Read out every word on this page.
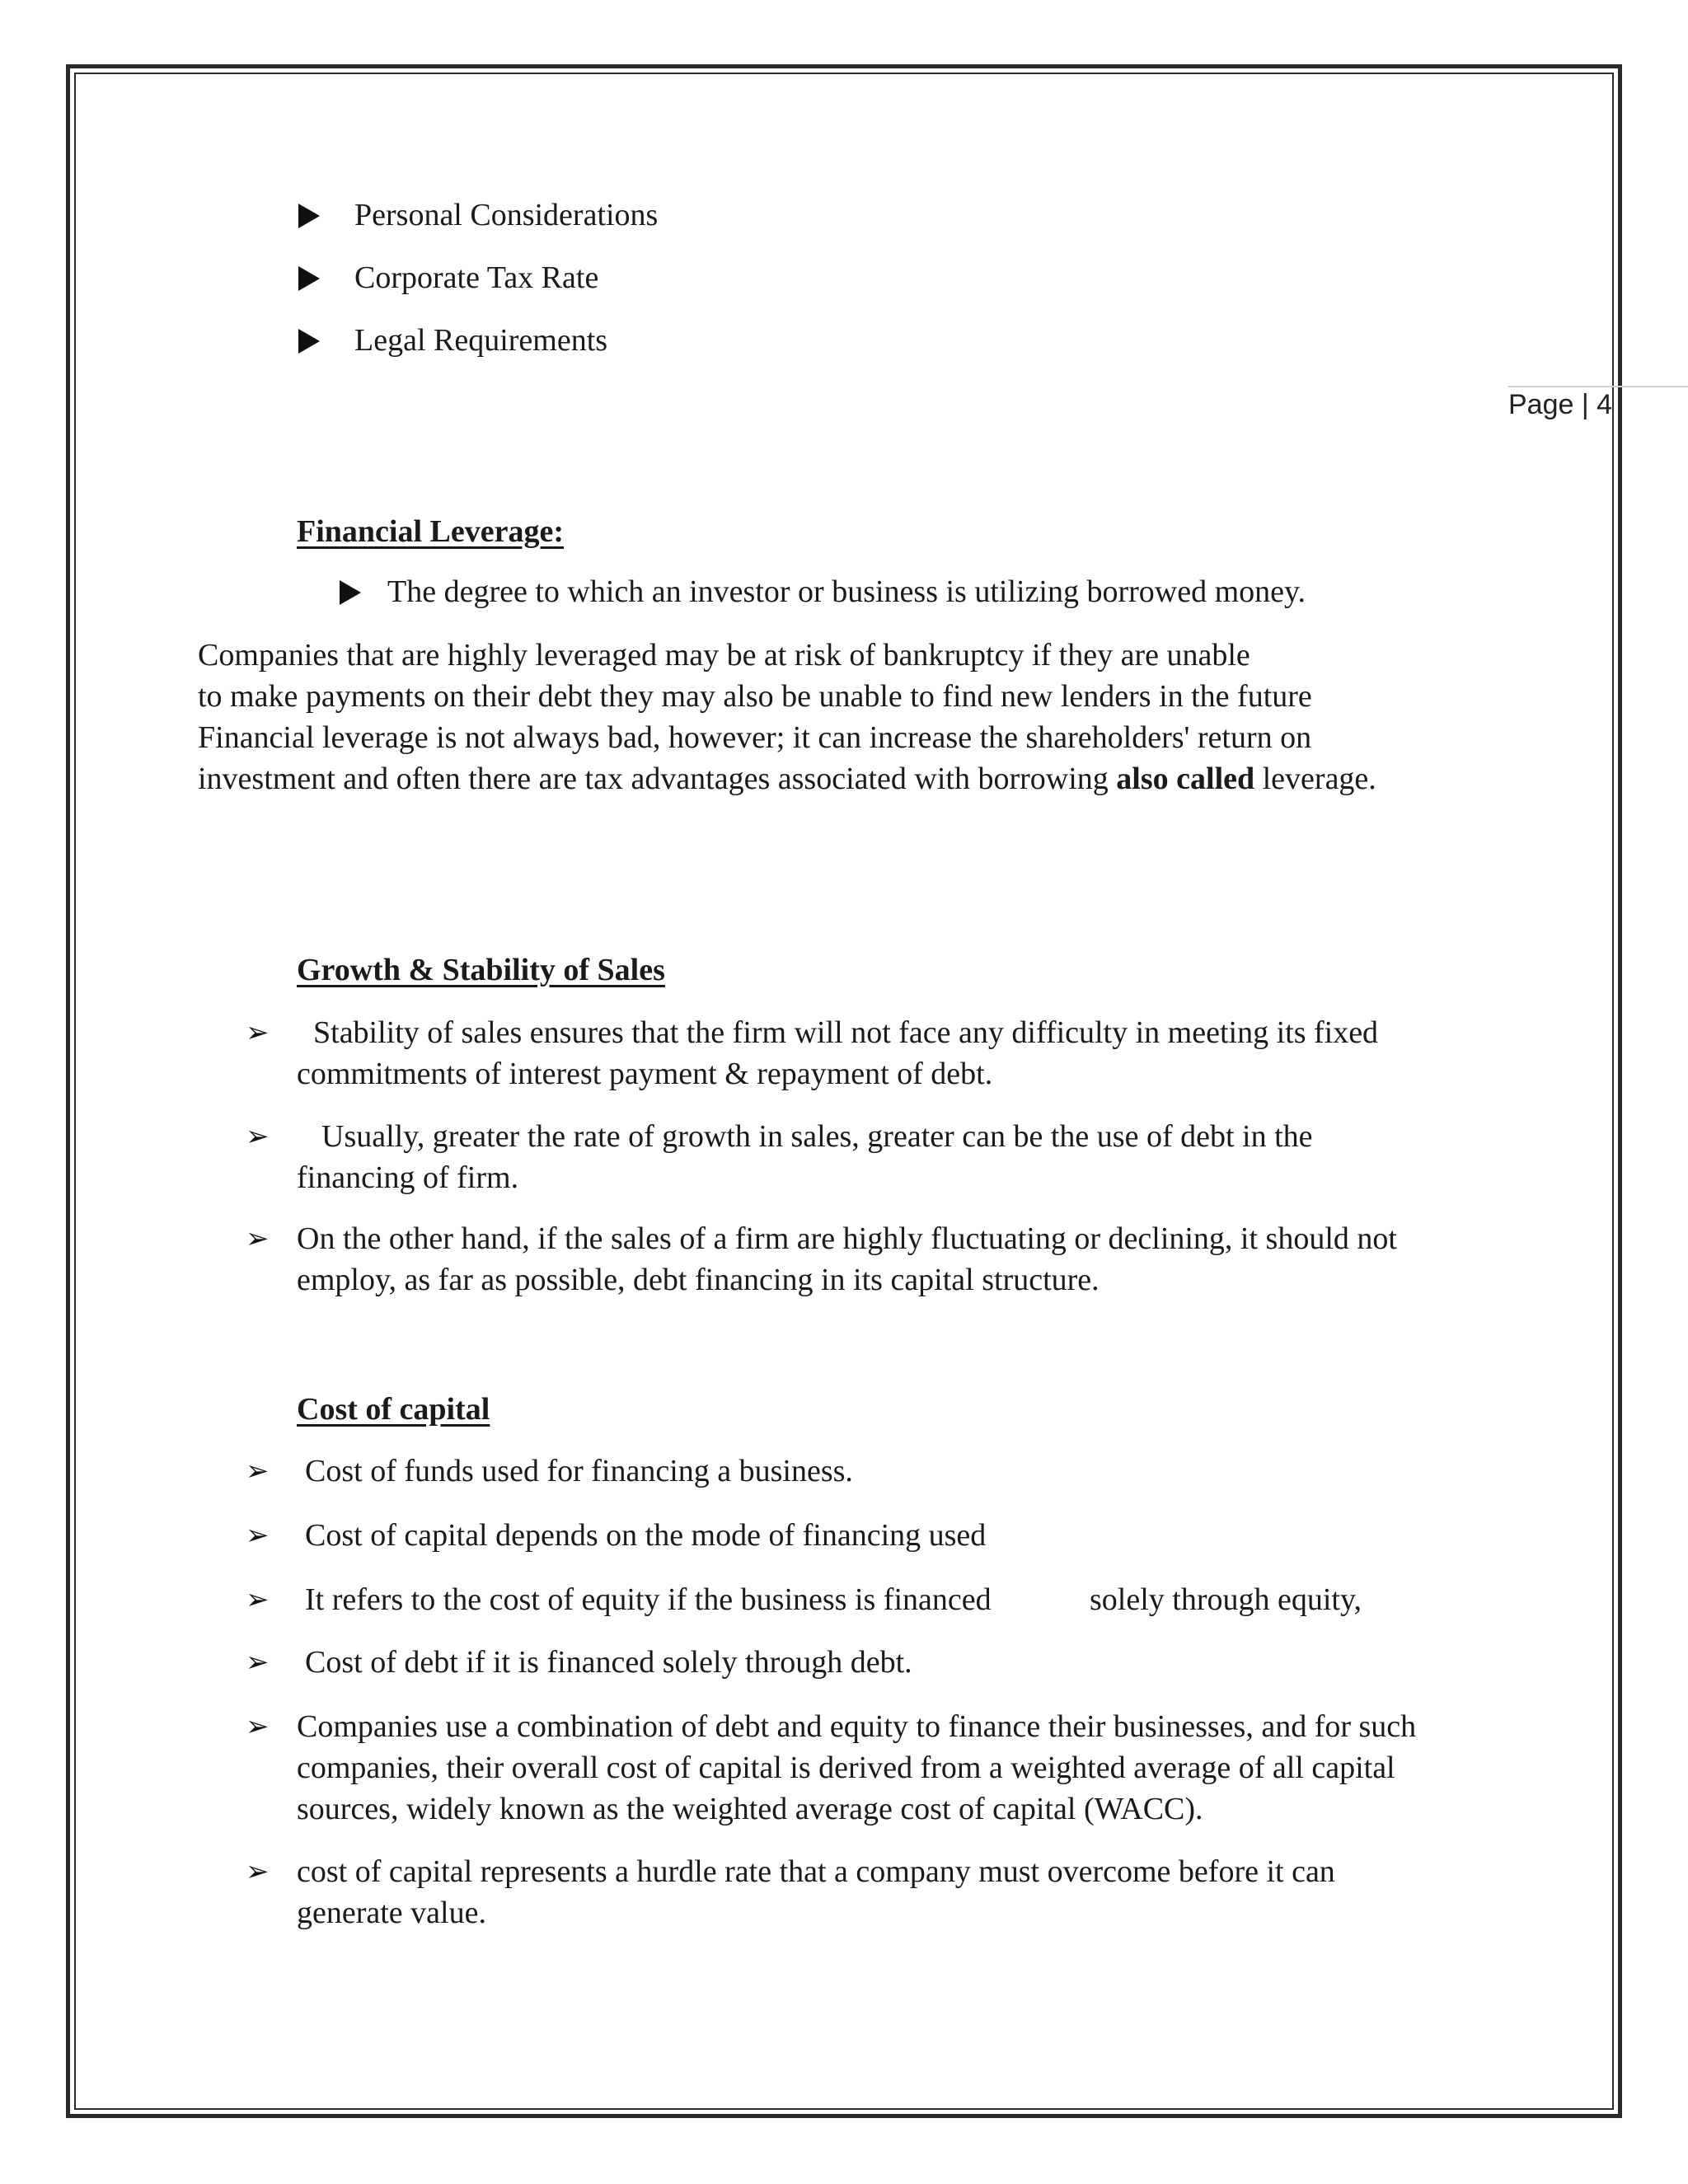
Page | 4
Personal Considerations
Corporate Tax Rate
Legal Requirements
Financial Leverage:
The degree to which an investor or business is utilizing borrowed money.
Companies that are highly leveraged may be at risk of bankruptcy if they are unable
to make payments on their debt they may also be unable to find new lenders in the future
Financial leverage is not always bad, however; it can increase the shareholders' return on
investment and often there are tax advantages associated with borrowing also called leverage.
Growth & Stability of Sales
➢ Stability of sales ensures that the firm will not face any difficulty in meeting its fixed
commitments of interest payment & repayment of debt.
➢ Usually, greater the rate of growth in sales, greater can be the use of debt in the
financing of firm.
➢ On the other hand, if the sales of a firm are highly fluctuating or declining, it should not
employ, as far as possible, debt financing in its capital structure.
Cost of capital
➢ Cost of funds used for financing a business.
➢ Cost of capital depends on the mode of financing used
➢ It refers to the cost of equity if the business is financed	solely through equity,
➢ Cost of debt if it is financed solely through debt.
➢ Companies use a combination of debt and equity to finance their businesses, and for such
companies, their overall cost of capital is derived from a weighted average of all capital
sources, widely known as the weighted average cost of capital (WACC).
➢ cost of capital represents a hurdle rate that a company must overcome before it can
generate value.
